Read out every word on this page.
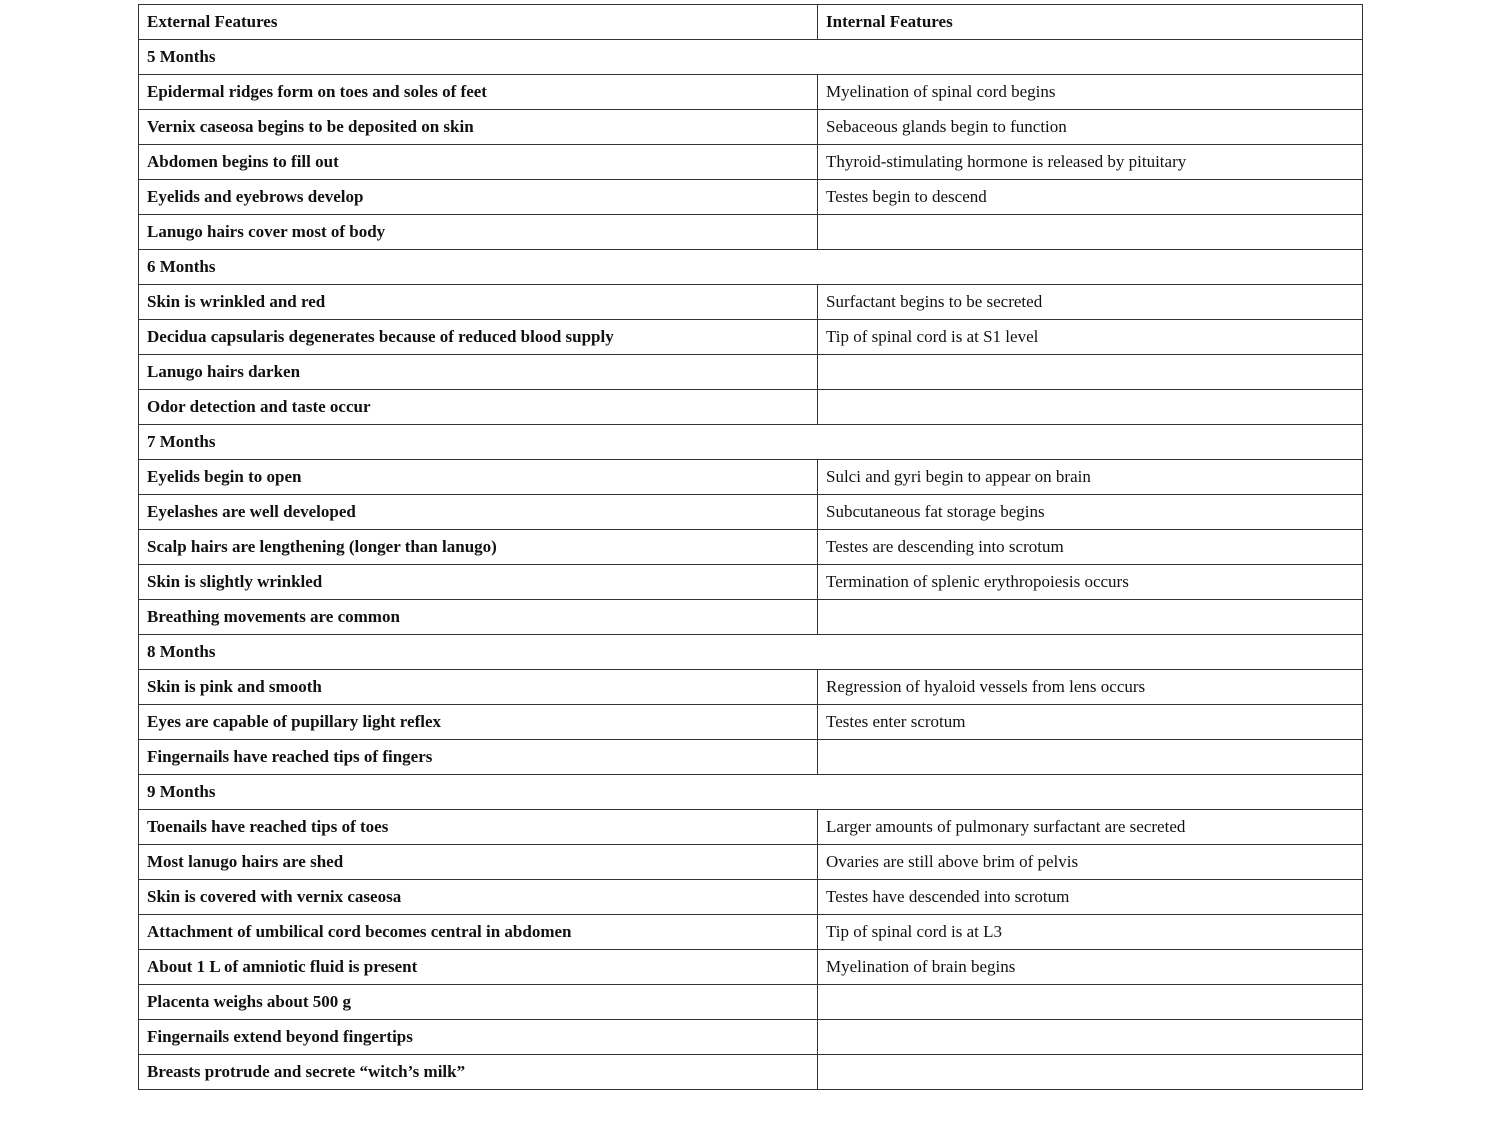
External Features	Internal Features
5 Months	
Epidermal ridges form on toes and soles of feet	Myelination of spinal cord begins
Vernix caseosa begins to be deposited on skin	Sebaceous glands begin to function
Abdomen begins to fill out	Thyroid-stimulating hormone is released by pituitary
Eyelids and eyebrows develop	Testes begin to descend
Lanugo hairs cover most of body	
6 Months	
Skin is wrinkled and red	Surfactant begins to be secreted
Decidua capsularis degenerates because of reduced blood supply	Tip of spinal cord is at S1 level
Lanugo hairs darken	
Odor detection and taste occur	
7 Months	
Eyelids begin to open	Sulci and gyri begin to appear on brain
Eyelashes are well developed	Subcutaneous fat storage begins
Scalp hairs are lengthening (longer than lanugo)	Testes are descending into scrotum
Skin is slightly wrinkled	Termination of splenic erythropoiesis occurs
Breathing movements are common	
8 Months	
Skin is pink and smooth	Regression of hyaloid vessels from lens occurs
Eyes are capable of pupillary light reflex	Testes enter scrotum
Fingernails have reached tips of fingers	
9 Months	
Toenails have reached tips of toes	Larger amounts of pulmonary surfactant are secreted
Most lanugo hairs are shed	Ovaries are still above brim of pelvis
Skin is covered with vernix caseosa	Testes have descended into scrotum
Attachment of umbilical cord becomes central in abdomen	Tip of spinal cord is at L3
About 1 L of amniotic fluid is present	Myelination of brain begins
Placenta weighs about 500 g	
Fingernails extend beyond fingertips	
Breasts protrude and secrete “witch’s milk”	
